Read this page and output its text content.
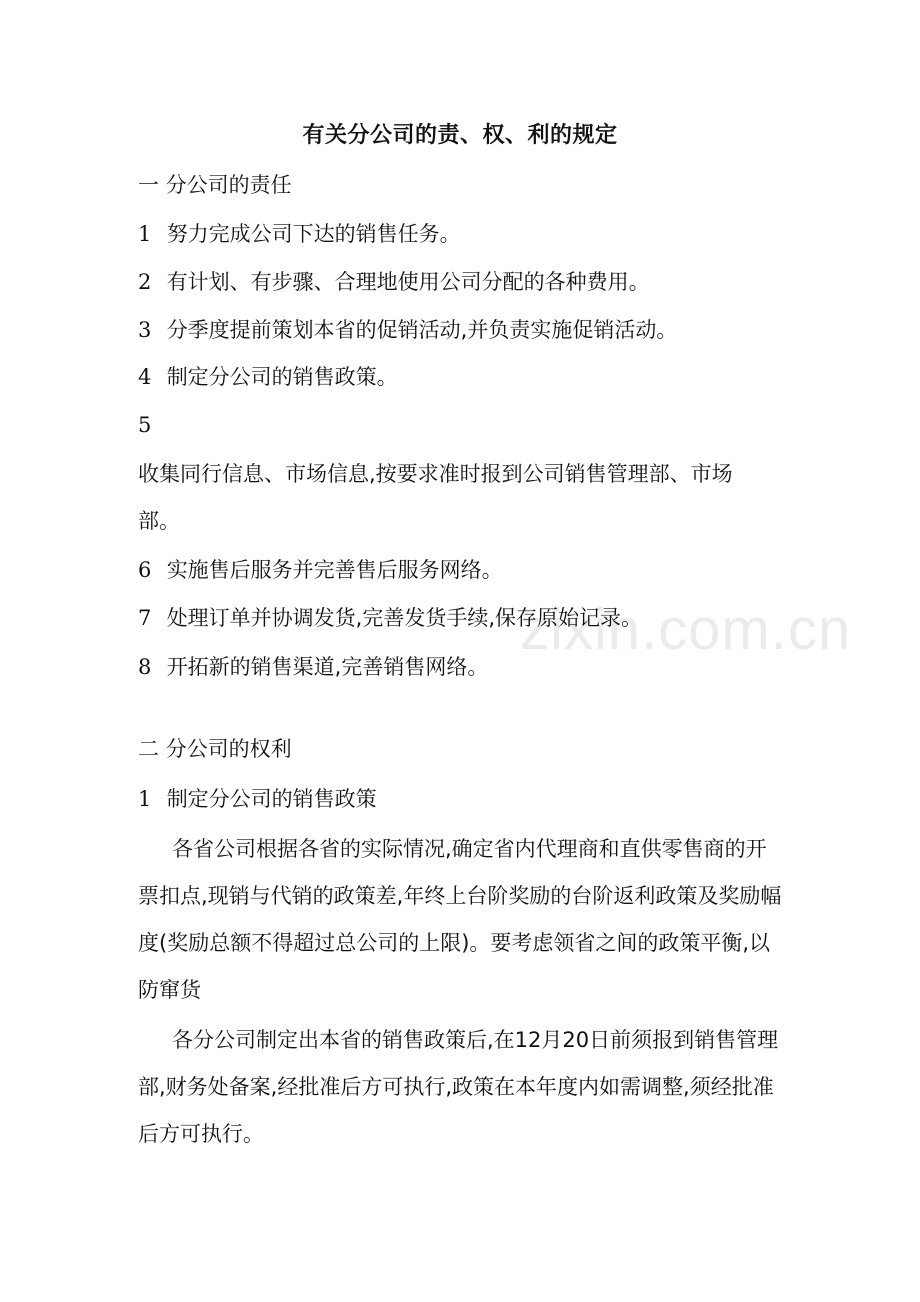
有关分公司的责、权、利的规定
一 分公司的责任
1 努力完成公司下达的销售任务。
2 有计划、有步骤、合理地使用公司分配的各种费用。
3 分季度提前策划本省的促销活动,并负责实施促销活动。
4 制定分公司的销售政策。
5
收集同行信息、市场信息,按要求准时报到公司销售管理部、市场
部。
6 实施售后服务并完善售后服务网络。
7 处理订单并协调发货,完善发货手续,保存原始记录。
8 开拓新的销售渠道,完善销售网络。
二 分公司的权利
1 制定分公司的销售政策
各省公司根据各省的实际情况,确定省内代理商和直供零售商的开票扣点,现销与代销的政策差,年终上台阶奖励的台阶返利政策及奖励幅度(奖励总额不得超过总公司的上限)。要考虑领省之间的政策平衡,以防窜货
各分公司制定出本省的销售政策后,在12月20日前须报到销售管理部,财务处备案,经批准后方可执行,政策在本年度内如需调整,须经批准后方可执行。
zixin.com.cn
